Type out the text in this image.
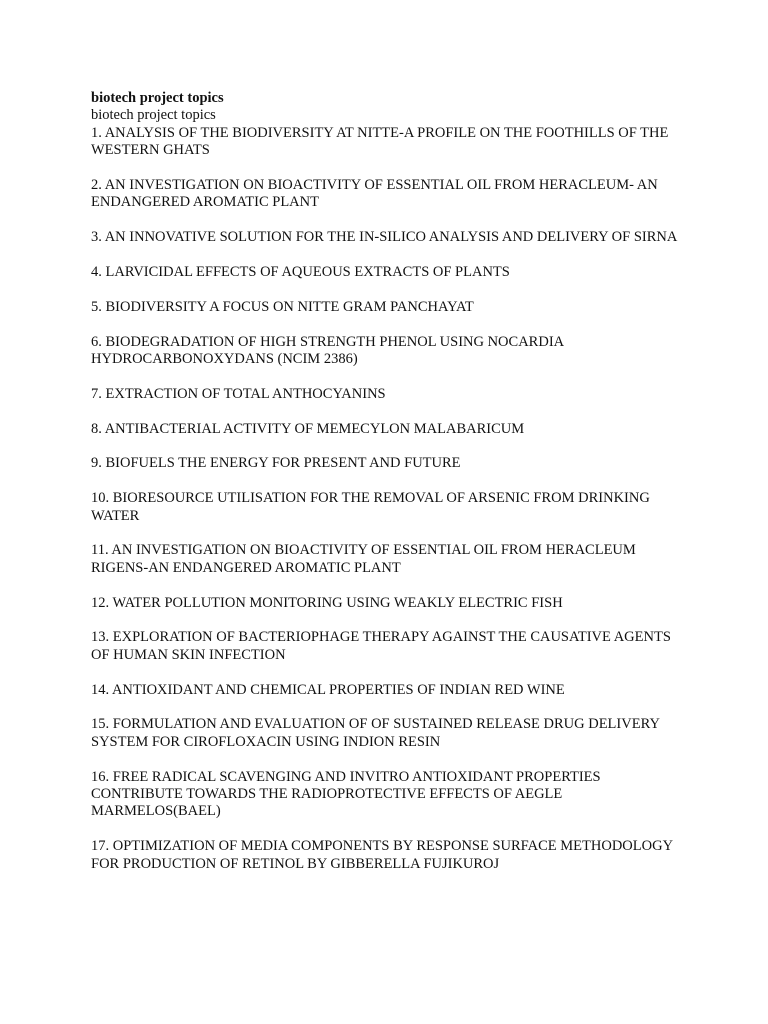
biotech project topics

biotech project topics

1. ANALYSIS OF THE BIODIVERSITY AT NITTE-A PROFILE ON THE FOOTHILLS OF THE WESTERN GHATS
2. AN INVESTIGATION ON BIOACTIVITY OF ESSENTIAL OIL FROM HERACLEUM- AN ENDANGERED AROMATIC PLANT
3. AN INNOVATIVE SOLUTION FOR THE IN-SILICO ANALYSIS AND DELIVERY OF SIRNA
4. LARVICIDAL EFFECTS OF AQUEOUS EXTRACTS OF PLANTS
5. BIODIVERSITY A FOCUS ON NITTE GRAM PANCHAYAT
6. BIODEGRADATION OF HIGH STRENGTH PHENOL USING NOCARDIA HYDROCARBONOXYDANS (NCIM 2386)
7. EXTRACTION OF TOTAL ANTHOCYANINS
8. ANTIBACTERIAL ACTIVITY OF MEMECYLON MALABARICUM
9. BIOFUELS THE ENERGY FOR PRESENT AND FUTURE
10. BIORESOURCE UTILISATION FOR THE REMOVAL OF ARSENIC FROM DRINKING WATER
11. AN INVESTIGATION ON BIOACTIVITY OF ESSENTIAL OIL FROM HERACLEUM RIGENS-AN ENDANGERED AROMATIC PLANT
12. WATER POLLUTION MONITORING USING WEAKLY ELECTRIC FISH
13. EXPLORATION OF BACTERIOPHAGE THERAPY AGAINST THE CAUSATIVE AGENTS OF HUMAN SKIN INFECTION
14. ANTIOXIDANT AND CHEMICAL PROPERTIES OF INDIAN RED WINE
15. FORMULATION AND EVALUATION OF OF SUSTAINED RELEASE DRUG DELIVERY SYSTEM FOR CIROFLOXACIN USING INDION RESIN
16. FREE RADICAL SCAVENGING AND INVITRO ANTIOXIDANT PROPERTIES CONTRIBUTE TOWARDS THE RADIOPROTECTIVE EFFECTS OF AEGLE MARMELOS(BAEL)
17. OPTIMIZATION OF MEDIA COMPONENTS BY RESPONSE SURFACE METHODOLOGY FOR PRODUCTION OF RETINOL BY GIBBERELLA FUJIKUROJ
